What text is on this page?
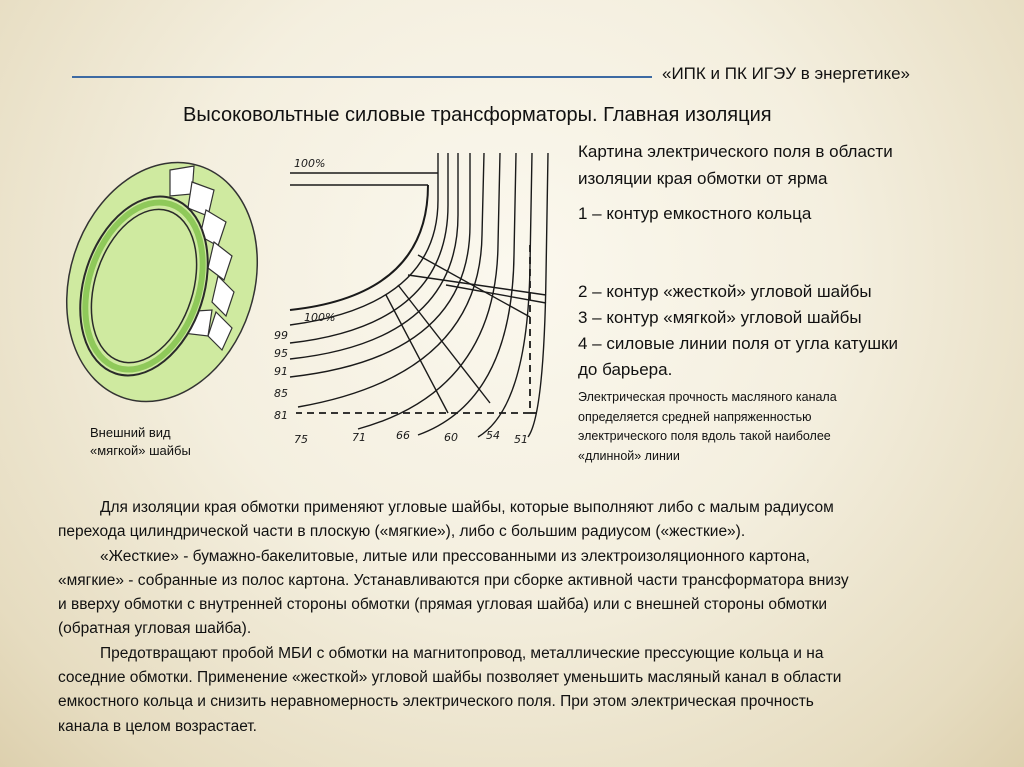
«ИПК и ПК ИГЭУ в энергетике»
Высоковольтные силовые трансформаторы. Главная изоляция
Внешний вид
«мягкой» шайбы
100%
100%
99
95
91
85
81
75	71	66	60	54 51
Картина электрического поля в области
изоляции края обмотки от ярма
1 – контур емкостного кольца
2 – контур «жесткой» угловой шайбы
3 – контур «мягкой» угловой шайбы
4 – силовые линии поля от угла катушки
до барьера.
Электрическая прочность масляного канала
определяется средней напряженностью
электрического поля вдоль такой наиболее
«длинной» линии

Для изоляции края обмотки применяют угловые шайбы, которые выполняют либо с малым радиусом

перехода цилиндрической части в плоскую («мягкие»), либо с большим радиусом («жесткие»).

«Жесткие» - бумажно-бакелитовые, литые или прессованными из электроизоляционного картона,

«мягкие» - собранные из полос картона. Устанавливаются при сборке активной части трансформатора внизу

и вверху обмотки с внутренней стороны обмотки (прямая угловая шайба) или с внешней стороны обмотки

(обратная угловая шайба).

Предотвращают пробой МБИ с обмотки на магнитопровод, металлические прессующие кольца и на

соседние обмотки. Применение «жесткой» угловой шайбы позволяет уменьшить масляный канал в области

емкостного кольца и снизить неравномерность электрического поля. При этом электрическая прочность

канала в целом возрастает.
